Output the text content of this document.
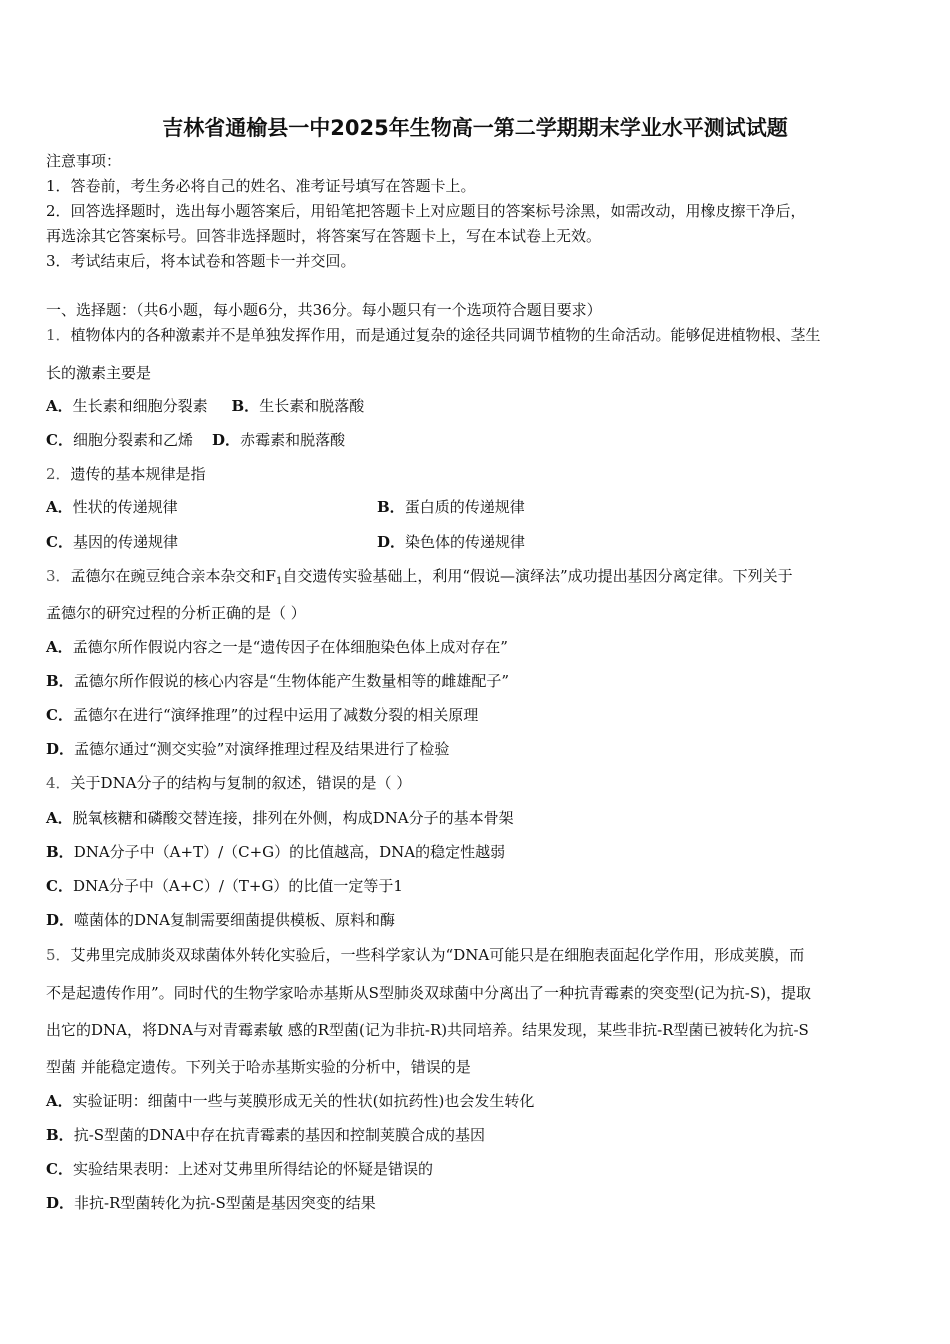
吉林省通榆县一中2025年生物高一第二学期期末学业水平测试试题
注意事项：
1．答卷前，考生务必将自己的姓名、准考证号填写在答题卡上。
2．回答选择题时，选出每小题答案后，用铅笔把答题卡上对应题目的答案标号涂黑，如需改动，用橡皮擦干净后，
再选涂其它答案标号。回答非选择题时，将答案写在答题卡上，写在本试卷上无效。
3．考试结束后，将本试卷和答题卡一并交回。
一、选择题：（共6小题，每小题6分，共36分。每小题只有一个选项符合题目要求）
1．植物体内的各种激素并不是单独发挥作用，而是通过复杂的途径共同调节植物的生命活动。能够促进植物根、茎生
长的激素主要是
A．生长素和细胞分裂素 B．生长素和脱落酸
C．细胞分裂素和乙烯 D．赤霉素和脱落酸
2．遗传的基本规律是指
A．性状的传递规律	B．蛋白质的传递规律
C．基因的传递规律	D．染色体的传递规律
3．孟德尔在豌豆纯合亲本杂交和$F_1$自交遗传实验基础上，利用“假说—演绎法”成功提出基因分离定律。下列关于
孟德尔的研究过程的分析正确的是（ ）
A．孟德尔所作假说内容之一是“遗传因子在体细胞染色体上成对存在”
B．孟德尔所作假说的核心内容是“生物体能产生数量相等的雌雄配子”
C．孟德尔在进行“演绎推理”的过程中运用了减数分裂的相关原理
D．孟德尔通过“测交实验”对演绎推理过程及结果进行了检验
4．关于DNA分子的结构与复制的叙述，错误的是（ ）
A．脱氧核糖和磷酸交替连接，排列在外侧，构成DNA分子的基本骨架
B．DNA分子中（A+T）/（C+G）的比值越高，DNA的稳定性越弱
C．DNA分子中（A+C）/（T+G）的比值一定等于1
D．噬菌体的DNA复制需要细菌提供模板、原料和酶
5．艾弗里完成肺炎双球菌体外转化实验后，一些科学家认为“DNA可能只是在细胞表面起化学作用，形成荚膜，而
不是起遗传作用”。同时代的生物学家哈赤基斯从S型肺炎双球菌中分离出了一种抗青霉素的突变型(记为抗-S)，提取
出它的DNA，将DNA与对青霉素敏 感的R型菌(记为非抗-R)共同培养。结果发现，某些非抗-R型菌已被转化为抗-S
型菌 并能稳定遗传。下列关于哈赤基斯实验的分析中，错误的是
A．实验证明：细菌中一些与荚膜形成无关的性状(如抗药性)也会发生转化
B．抗-S型菌的DNA中存在抗青霉素的基因和控制荚膜合成的基因
C．实验结果表明：上述对艾弗里所得结论的怀疑是错误的
D．非抗-R型菌转化为抗-S型菌是基因突变的结果
